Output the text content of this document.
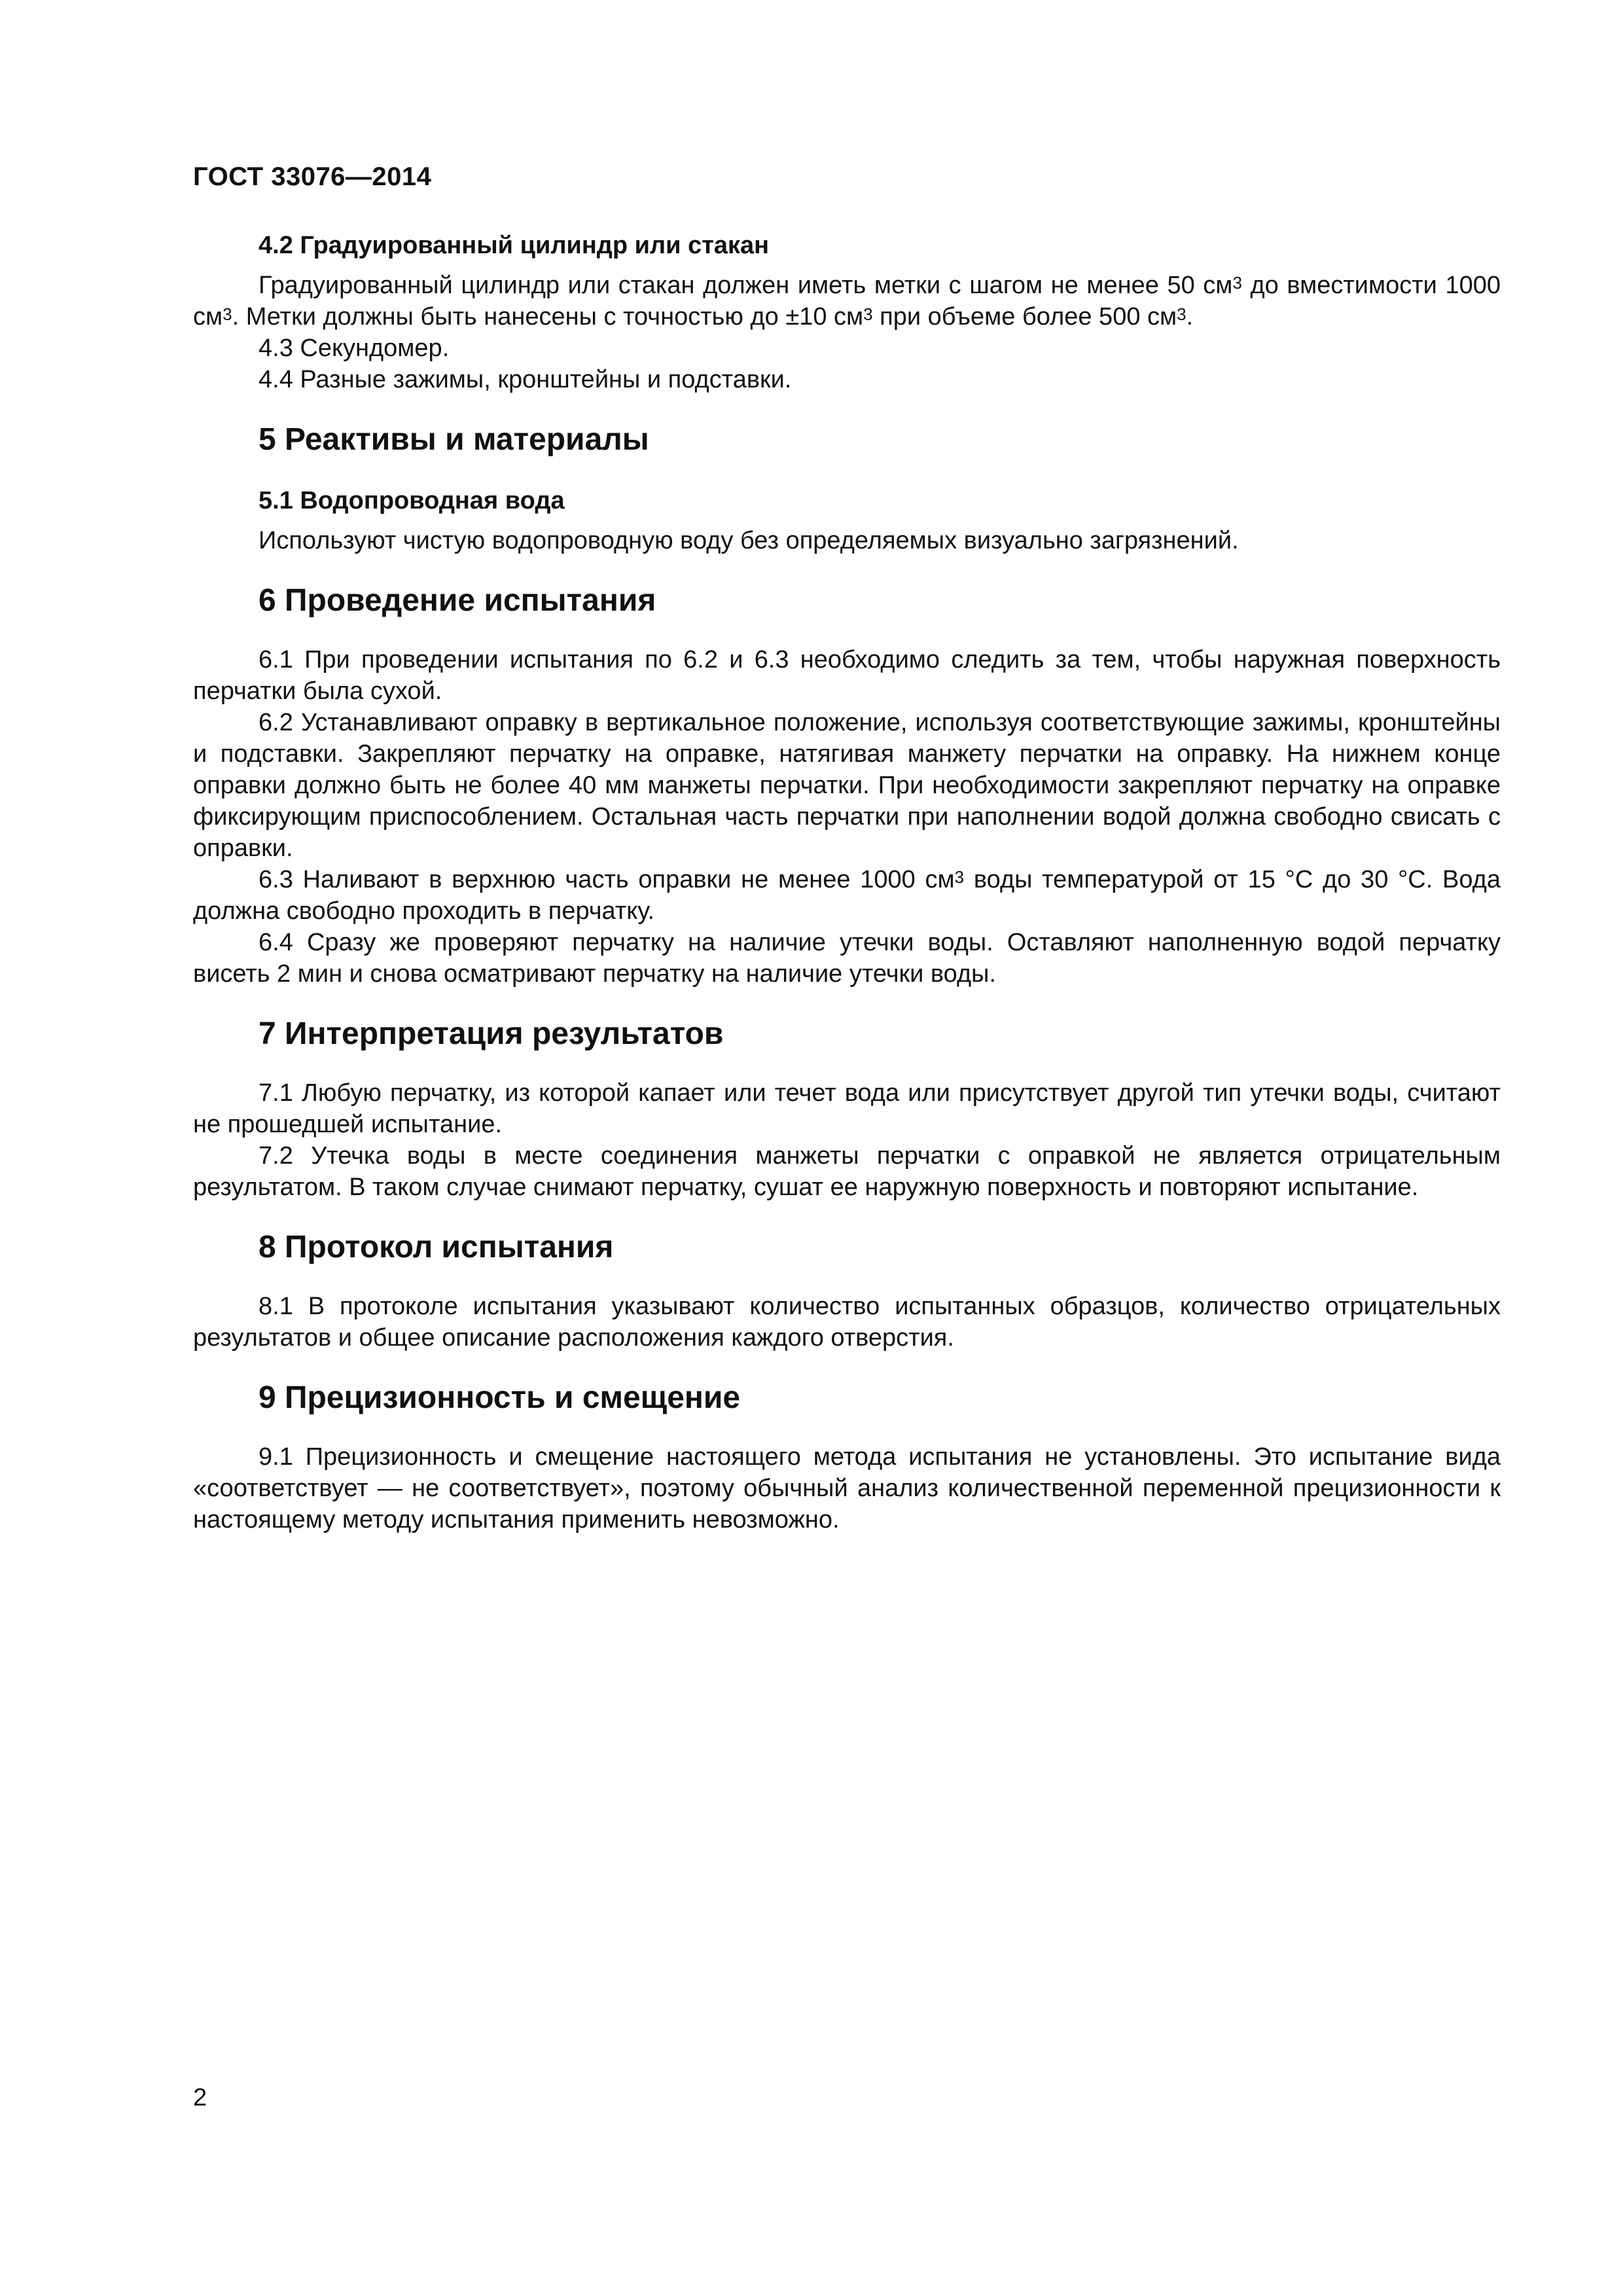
ГОСТ 33076—2014
4.2 Градуированный цилиндр или стакан

Градуированный цилиндр или стакан должен иметь метки с шагом не менее 50 $см^3$ до вместимости 1000 $см^3$. Метки должны быть нанесены с точностью до ±10 $см^3$ при объеме более 500 $см^3$.

4.3 Секундомер.

4.4 Разные зажимы, кронштейны и подставки.

5 Реактивы и материалы
5.1 Водопроводная вода

Используют чистую водопроводную воду без определяемых визуально загрязнений.

6 Проведение испытания

6.1 При проведении испытания по 6.2 и 6.3 необходимо следить за тем, чтобы наружная поверхность перчатки была сухой.

6.2 Устанавливают оправку в вертикальное положение, используя соответствующие зажимы, кронштейны и подставки. Закрепляют перчатку на оправке, натягивая манжету перчатки на оправку. На нижнем конце оправки должно быть не более 40 мм манжеты перчатки. При необходимости закрепляют перчатку на оправке фиксирующим приспособлением. Остальная часть перчатки при наполнении водой должна свободно свисать с оправки.

6.3 Наливают в верхнюю часть оправки не менее 1000 $см^3$ воды температурой от 15 °С до 30 °С. Вода должна свободно проходить в перчатку.

6.4 Сразу же проверяют перчатку на наличие утечки воды. Оставляют наполненную водой перчатку висеть 2 мин и снова осматривают перчатку на наличие утечки воды.

7 Интерпретация результатов

7.1 Любую перчатку, из которой капает или течет вода или присутствует другой тип утечки воды, считают не прошедшей испытание.

7.2 Утечка воды в месте соединения манжеты перчатки с оправкой не является отрицательным результатом. В таком случае снимают перчатку, сушат ее наружную поверхность и повторяют испытание.

8 Протокол испытания

8.1 В протоколе испытания указывают количество испытанных образцов, количество отрицательных результатов и общее описание расположения каждого отверстия.

9 Прецизионность и смещение

9.1 Прецизионность и смещение настоящего метода испытания не установлены. Это испытание вида «соответствует — не соответствует», поэтому обычный анализ количественной переменной прецизионности к настоящему методу испытания применить невозможно.

2
